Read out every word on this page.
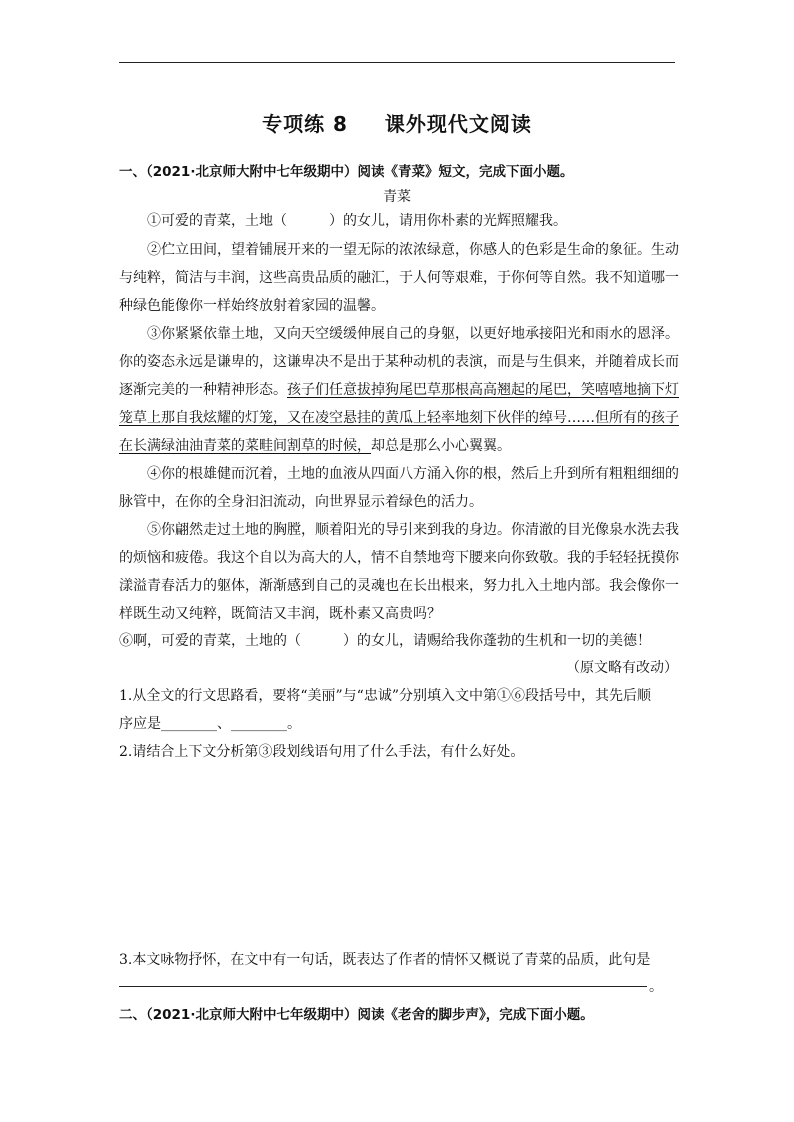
专项练 8 　 课外现代文阅读

一、（2021·北京师大附中七年级期中）阅读《青菜》短文，完成下面小题。

青菜

①可爱的青菜，土地（　　　）的女儿，请用你朴素的光辉照耀我。

②伫立田间，望着铺展开来的一望无际的浓浓绿意，你感人的色彩是生命的象征。生动

与纯粹，简洁与丰润，这些高贵品质的融汇，于人何等艰难，于你何等自然。我不知道哪一

种绿色能像你一样始终放射着家园的温馨。

③你紧紧依靠土地，又向天空缓缓伸展自己的身躯，以更好地承接阳光和雨水的恩泽。

你的姿态永远是谦卑的，这谦卑决不是出于某种动机的表演，而是与生俱来，并随着成长而

逐渐完美的一种精神形态。孩子们任意拔掉狗尾巴草那根高高翘起的尾巴，笑嘻嘻地摘下灯

笼草上那自我炫耀的灯笼，又在凌空悬挂的黄瓜上轻率地刻下伙伴的绰号……但所有的孩子

在长满绿油油青菜的菜畦间割草的时候，却总是那么小心翼翼。

④你的根雄健而沉着，土地的血液从四面八方涌入你的根，然后上升到所有粗粗细细的

脉管中，在你的全身汩汩流动，向世界显示着绿色的活力。

⑤你翩然走过土地的胸膛，顺着阳光的导引来到我的身边。你清澈的目光像泉水洗去我

的烦恼和疲倦。我这个自以为高大的人，情不自禁地弯下腰来向你致敬。我的手轻轻抚摸你

漾溢青春活力的躯体，渐渐感到自己的灵魂也在长出根来，努力扎入土地内部。我会像你一

样既生动又纯粹，既简洁又丰润，既朴素又高贵吗？

⑥啊，可爱的青菜，土地的（　　　）的女儿，请赐给我你蓬勃的生机和一切的美德！

（原文略有改动）

1.从全文的行文思路看，要将“美丽”与“忠诚”分别填入文中第①⑥段括号中，其先后顺

序应是________、________。

2.请结合上下文分析第③段划线语句用了什么手法，有什么好处。

3.本文咏物抒怀，在文中有一句话，既表达了作者的情怀又概说了青菜的品质，此句是

。

二、（2021·北京师大附中七年级期中）阅读《老舍的脚步声》，完成下面小题。
